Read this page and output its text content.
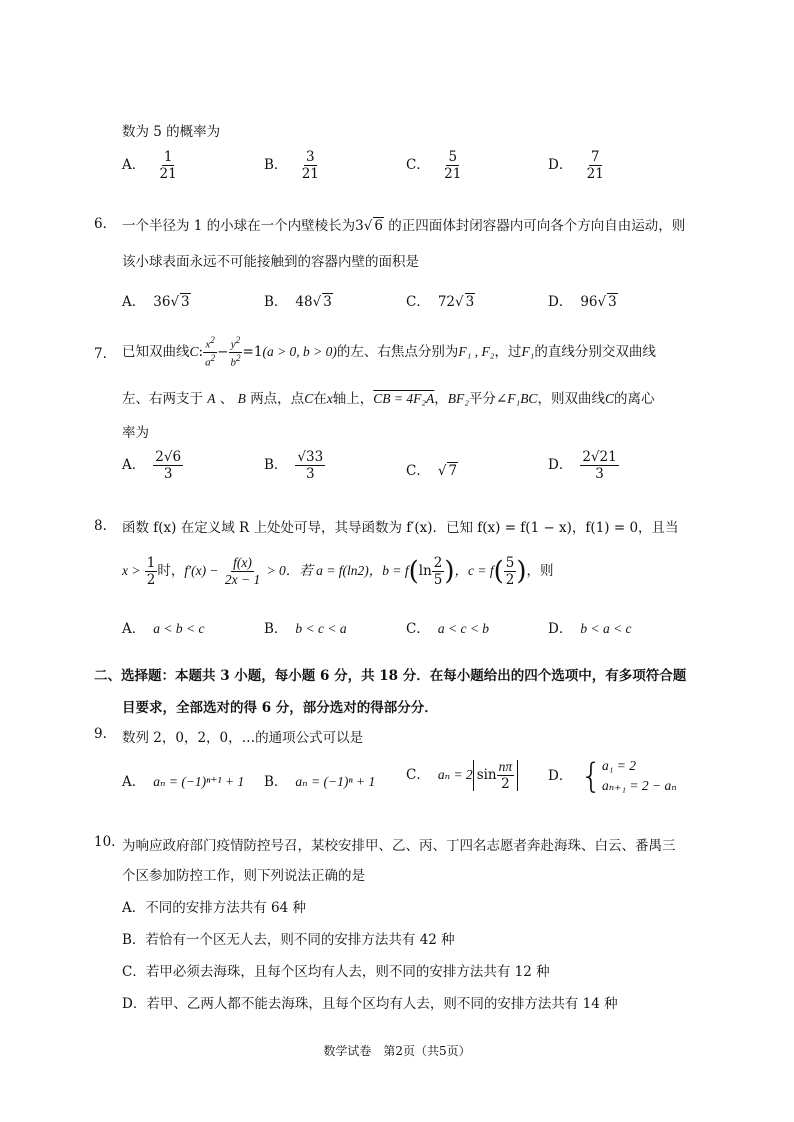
数为 5 的概率为
A． $\frac{1}{21}$	B． $\frac{3}{21}$	C． $\frac{5}{21}$	D． $\frac{7}{21}$
6. 一个半径为 1 的小球在一个内壁棱长为3√ 6 的正四面体封闭容器内可向各个方向自由运动，则
该小球表面永远不可能接触到的容器内壁的面积是
A． 36√ 3	B． 48√ 3	C． 72√ 3	D． 96√ 3
7. 已知双曲线C: $\frac{x^2}{a^2} - \frac{y^2}{b^2} =1(a > 0$, b > 0)的左、右焦点分别为F₁ , F₂，过F₁的直线分别交双曲线
左、右两支于 A 、 B 两点，点C在x轴上，CB = 4F₂A，BF₂平分∠F₁BC，则双曲线C的离心
率为
A． $\frac{2√6}{3}$	B． $\frac{√33}{3}$	C． √ 7	D． $\frac{2√21}{3}$
8. 函数 f(x) 在定义域 R 上处处可导，其导函数为 f′(x)．已知 f(x) = f(1 − x)，f(1) = 0，且当
$x > \frac{1}{2}$ 时，$f'(x) - \frac{f(x)}{2x - 1} > 0$．若 a = f(ln2)，$b = f(\ln \frac{2}{5}$ )，$c = f( \frac{5}{2}$ )，则
A． a < b < c	B． b < c < a	C． a < c < b	D． b < a < c
二、选择题：本题共 3 小题，每小题 6 分，共 18 分．在每小题给出的四个选项中，有多项符合题
目要求，全部选对的得 6 分，部分选对的得部分分．
9. 数列 2，0，2，0，…的通项公式可以是
A． aₙ = (−1)ⁿ⁺¹ + 1 B． aₙ = (−1)ⁿ + 1 C． aₙ = 2 $\sin \frac{n\pi}{2}$	D． { a₁ = 2
aₙ₊₁ = 2 − aₙ
10. 为响应政府部门疫情防控号召，某校安排甲、乙、丙、丁四名志愿者奔赴海珠、白云、番禺三
个区参加防控工作，则下列说法正确的是
A．不同的安排方法共有 64 种
B．若恰有一个区无人去，则不同的安排方法共有 42 种
C．若甲必须去海珠，且每个区均有人去，则不同的安排方法共有 12 种
D．若甲、乙两人都不能去海珠，且每个区均有人去，则不同的安排方法共有 14 种
数学试卷　第2页（共5页）
